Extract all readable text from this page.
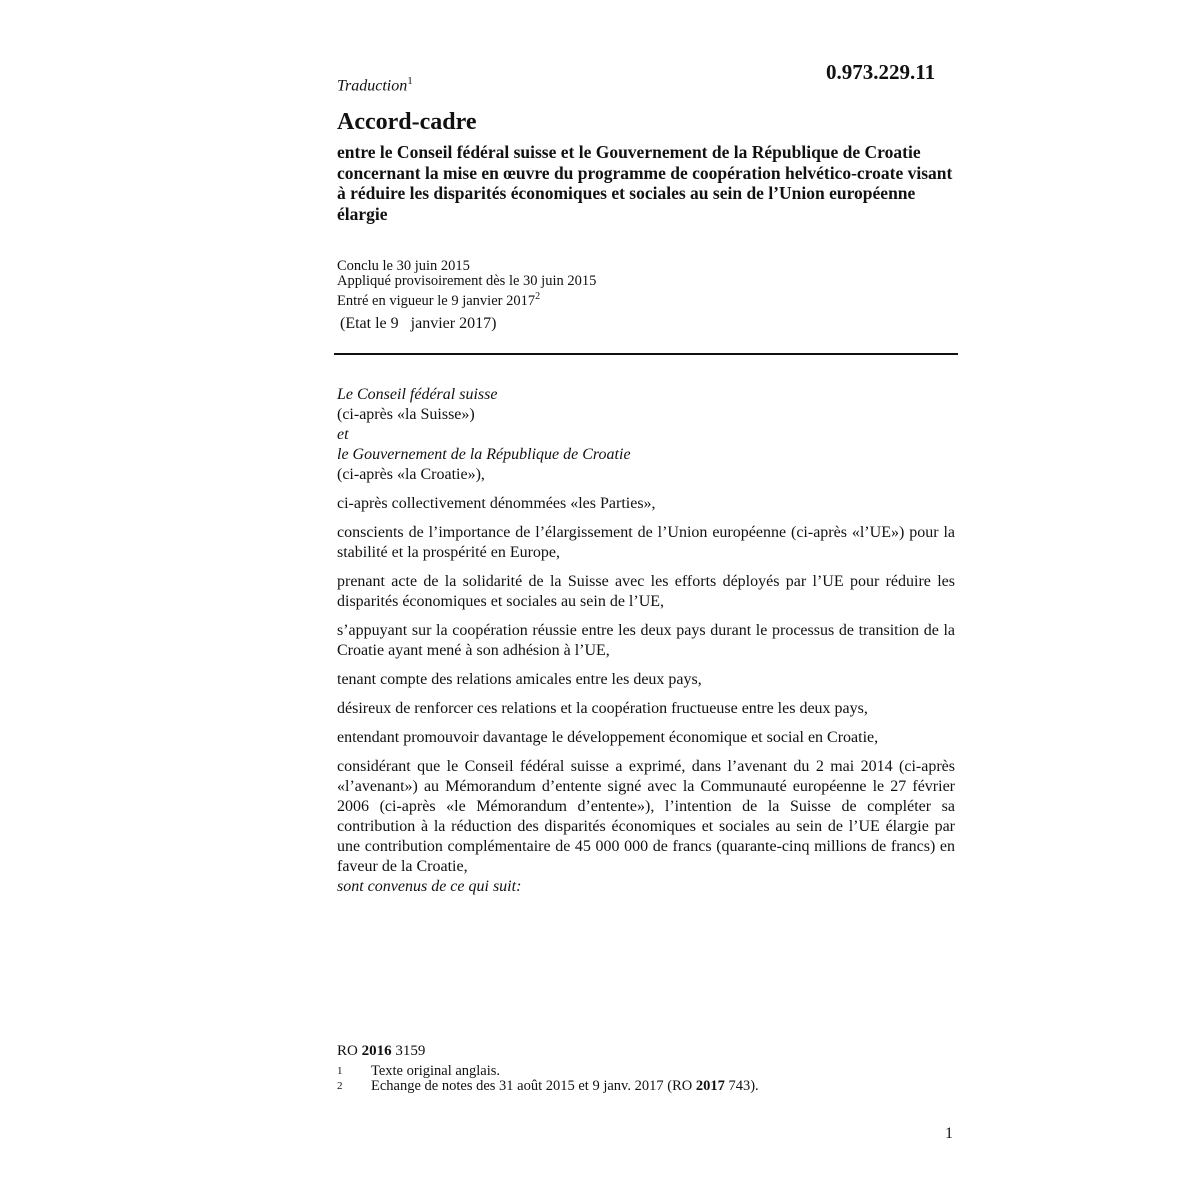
Traduction$^1$	0.973.229.11
Accord-cadre
entre le Conseil fédéral suisse et le Gouvernement de la République de Croatie concernant la mise en œuvre du programme de coopération helvético-croate visant à réduire les disparités économiques et sociales au sein de l’Union européenne élargie
Conclu le 30 juin 2015
Appliqué provisoirement dès le 30 juin 2015
Entré en vigueur le 9 janvier 2017$^2$
(Etat le 9   janvier 2017)
Le Conseil fédéral suisse
(ci-après «la Suisse»)
et
le Gouvernement de la République de Croatie
(ci-après «la Croatie»),

ci-après collectivement dénommées «les Parties»,

conscients de l’importance de l’élargissement de l’Union européenne (ci-après «l’UE») pour la stabilité et la prospérité en Europe,

prenant acte de la solidarité de la Suisse avec les efforts déployés par l’UE pour réduire les disparités économiques et sociales au sein de l’UE,

s’appuyant sur la coopération réussie entre les deux pays durant le processus de transition de la Croatie ayant mené à son adhésion à l’UE,

tenant compte des relations amicales entre les deux pays,

désireux de renforcer ces relations et la coopération fructueuse entre les deux pays,

entendant promouvoir davantage le développement économique et social en Croatie,

considérant que le Conseil fédéral suisse a exprimé, dans l’avenant du 2 mai 2014 (ci-après «l’avenant») au Mémorandum d’entente signé avec la Communauté européenne le 27 février 2006 (ci-après «le Mémorandum d’entente»), l’intention de la Suisse de compléter sa contribution à la réduction des disparités économiques et sociales au sein de l’UE élargie par une contribution complémentaire de 45 000 000 de francs (quarante-cinq millions de francs) en faveur de la Croatie,

sont convenus de ce qui suit:
RO 2016 3159
1	Texte original anglais.
2	Echange de notes des 31 août 2015 et 9 janv. 2017 (RO 2017 743).
1
